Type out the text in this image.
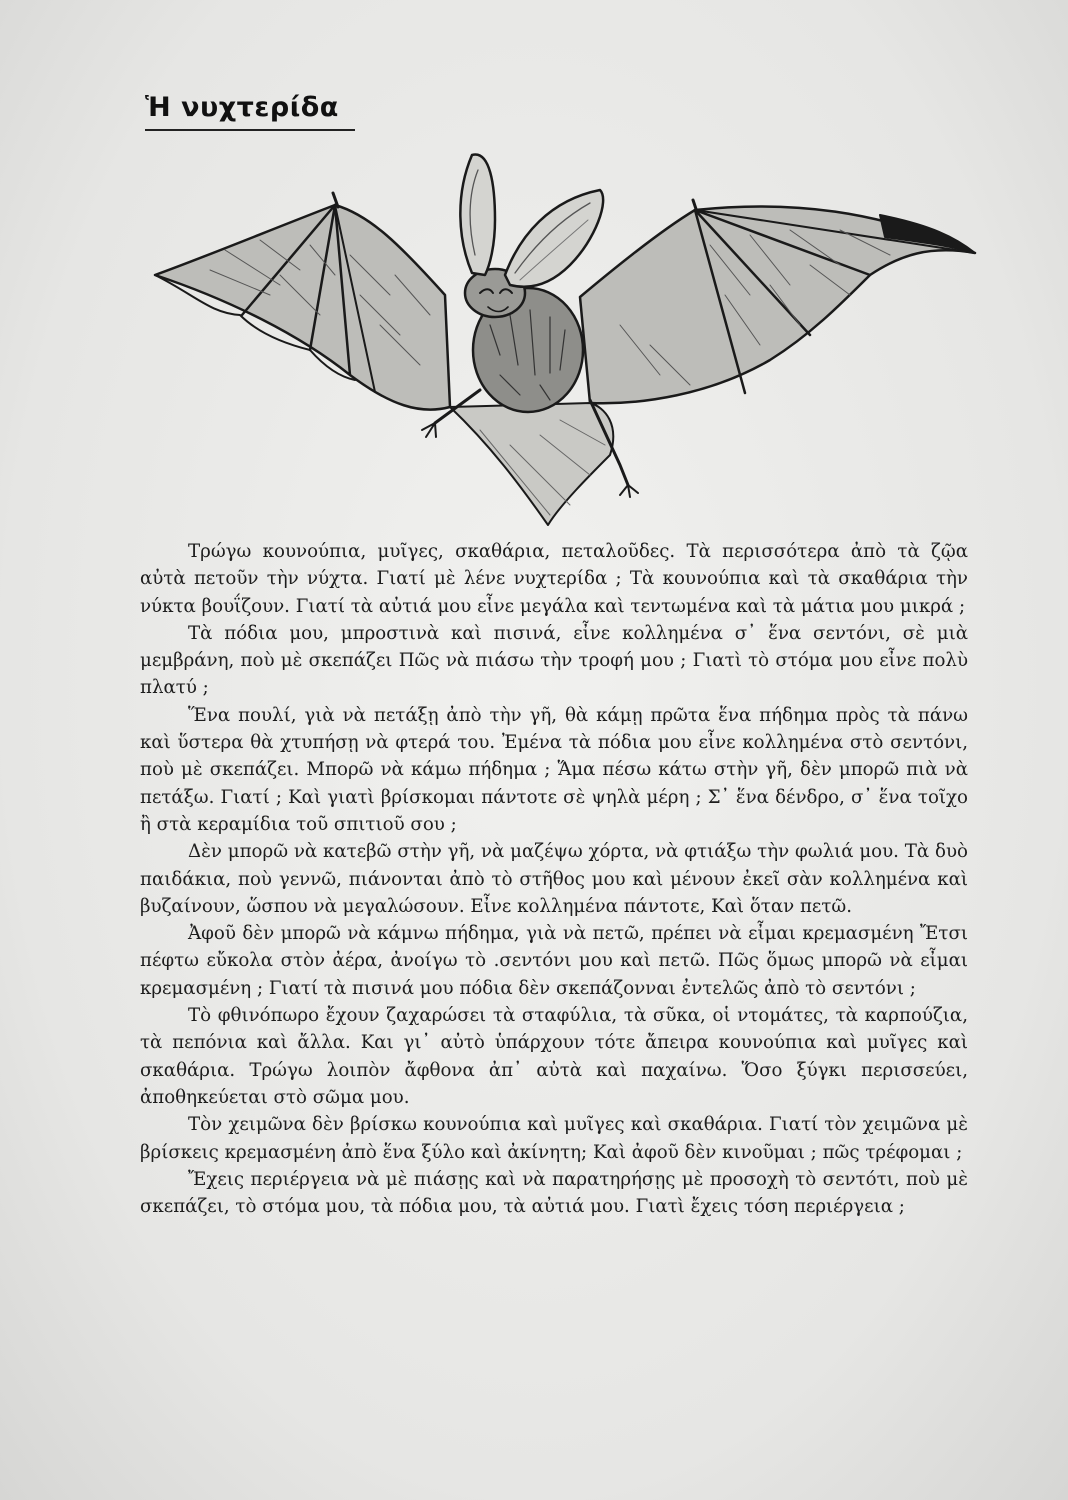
Ἡ νυχτερίδα

Τρώγω κουνούπια, μυῖγες, σκαθάρια, πεταλοῦδες. Τὰ περισσότερα ἀπὸ τὰ ζῷα αὐτὰ πετοῦν τὴν νύχτα. Γιατί μὲ λένε νυχτερίδα ; Τὰ κουνούπια καὶ τὰ σκαθάρια τὴν νύκτα βουΐζουν. Γιατί τὰ αὐτιά μου εἶνε μεγάλα καὶ τεντωμένα καὶ τὰ μάτια μου μικρά ;

Τὰ πόδια μου, μπροστινὰ καὶ πισινά, εἶνε κολλημένα σ᾽ ἕνα σεντόνι, σὲ μιὰ μεμβράνη, ποὺ μὲ σκεπάζει Πῶς νὰ πιάσω τὴν τροφή μου ; Γιατὶ τὸ στόμα μου εἶνε πολὺ πλατύ ;

Ἕνα πουλί, γιὰ νὰ πετάξῃ ἀπὸ τὴν γῆ, θὰ κάμῃ πρῶτα ἕνα πήδημα πρὸς τὰ πάνω καὶ ὕστερα θὰ χτυπήσῃ νὰ φτερά του. Ἐμένα τὰ πόδια μου εἶνε κολλημένα στὸ σεντόνι, ποὺ μὲ σκεπάζει. Μπορῶ νὰ κάμω πήδημα ; Ἅμα πέσω κάτω στὴν γῆ, δὲν μπορῶ πιὰ νὰ πετάξω. Γιατί ; Καὶ γιατὶ βρίσκομαι πάντοτε σὲ ψηλὰ μέρη ; Σ᾽ ἕνα δένδρο, σ᾽ ἕνα τοῖχο ἢ στὰ κεραμίδια τοῦ σπιτιοῦ σου ;

Δὲν μπορῶ νὰ κατεβῶ στὴν γῆ, νὰ μαζέψω χόρτα, νὰ φτιάξω τὴν φωλιά μου. Τὰ δυὸ παιδάκια, ποὺ γεννῶ, πιάνονται ἀπὸ τὸ στῆθος μου καὶ μένουν ἐκεῖ σὰν κολλημένα καὶ βυζαίνουν, ὥσπου νὰ μεγαλώσουν. Εἶνε κολλημένα πάντοτε, Καὶ ὅταν πετῶ.

Ἀφοῦ δὲν μπορῶ νὰ κάμνω πήδημα, γιὰ νὰ πετῶ, πρέπει νὰ εἶμαι κρεμασμένη Ἔτσι πέφτω εὔκολα στὸν ἀέρα, ἀνοίγω τὸ .σεντόνι μου καὶ πετῶ. Πῶς ὅμως μπορῶ νὰ εἶμαι κρεμασμένη ; Γιατί τὰ πισινά μου πόδια δὲν σκεπάζονναι ἐντελῶς ἀπὸ τὸ σεντόνι ;

Τὸ φθινόπωρο ἔχουν ζαχαρώσει τὰ σταφύλια, τὰ σῦκα, οἱ ντομάτες, τὰ καρπούζια, τὰ πεπόνια καὶ ἄλλα. Και γι᾽ αὐτὸ ὑπάρχουν τότε ἄπειρα κουνούπια καὶ μυῖγες καὶ σκαθάρια. Τρώγω λοιπὸν ἄφθονα ἀπ᾽ αὐτὰ καὶ παχαίνω. Ὅσο ξύγκι περισσεύει, ἀποθηκεύεται στὸ σῶμα μου.

Τὸν χειμῶνα δὲν βρίσκω κουνούπια καὶ μυῖγες καὶ σκαθάρια. Γιατί τὸν χειμῶνα μὲ βρίσκεις κρεμασμένη ἀπὸ ἕνα ξύλο καὶ ἀκίνητη; Καὶ ἀφοῦ δὲν κινοῦμαι ; πῶς τρέφομαι ;

Ἔχεις περιέργεια νὰ μὲ πιάσῃς καὶ νὰ παρατηρήσῃς μὲ προσοχὴ τὸ σεντότι, ποὺ μὲ σκεπάζει, τὸ στόμα μου, τὰ πόδια μου, τὰ αὐτιά μου. Γιατὶ ἔχεις τόση περιέργεια ;
